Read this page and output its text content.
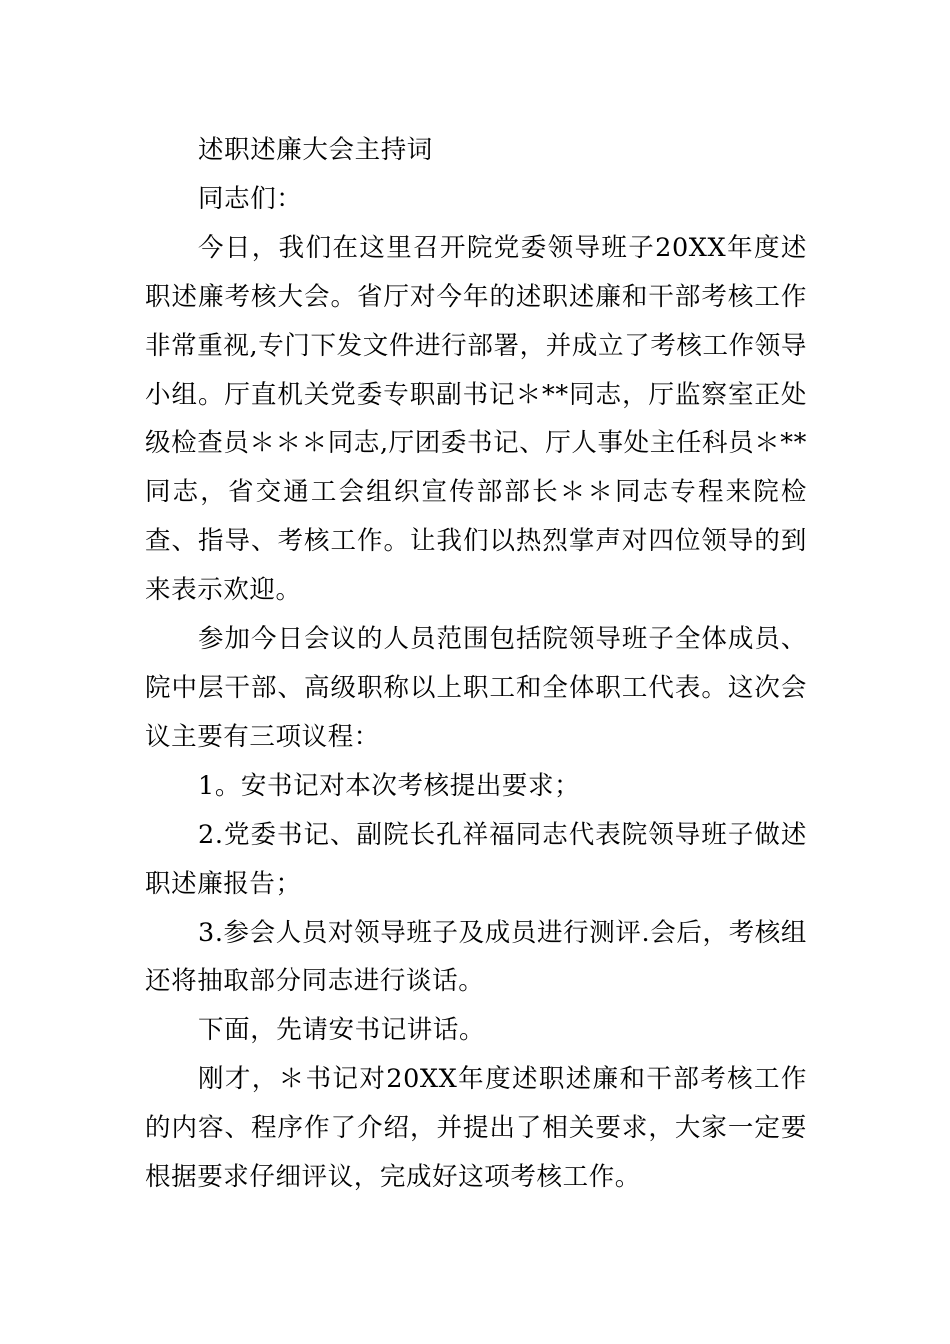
述职述廉大会主持词

同志们：

今日，我们在这里召开院党委领导班子20XX年度述职述廉考核大会。省厅对今年的述职述廉和干部考核工作非常重视,专门下发文件进行部署，并成立了考核工作领导小组。厅直机关党委专职副书记＊**同志，厅监察室正处级检查员＊＊＊同志,厅团委书记、厅人事处主任科员＊**同志，省交通工会组织宣传部部长＊＊同志专程来院检查、指导、考核工作。让我们以热烈掌声对四位领导的到来表示欢迎。

参加今日会议的人员范围包括院领导班子全体成员、院中层干部、高级职称以上职工和全体职工代表。这次会议主要有三项议程：

1。安书记对本次考核提出要求；

2.党委书记、副院长孔祥福同志代表院领导班子做述职述廉报告；

3.参会人员对领导班子及成员进行测评.会后，考核组还将抽取部分同志进行谈话。

下面，先请安书记讲话。

刚才，＊书记对20XX年度述职述廉和干部考核工作的内容、程序作了介绍，并提出了相关要求，大家一定要根据要求仔细评议，完成好这项考核工作。
